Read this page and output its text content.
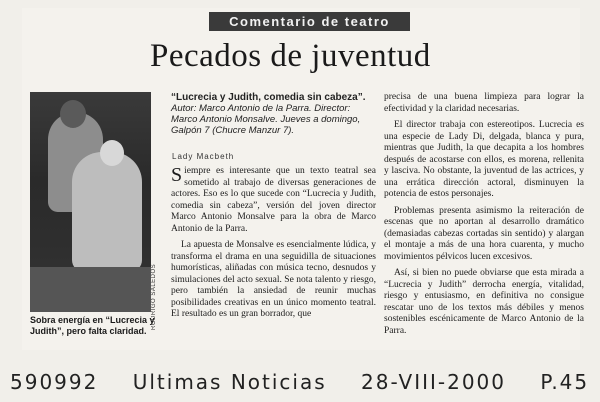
Comentario de teatro
Pecados de juventud
RODRIGO SALEDOS
Sobra energía en “Lucrecia y Judith”, pero falta claridad.
“Lucrecia y Judith, comedia sin cabeza”.
Autor: Marco Antonio de la Parra. Director: Marco Antonio Monsalve. Jueves a domingo, Galpón 7 (Chucre Manzur 7).
Lady Macbeth

Siempre es interesante que un texto teatral sea sometido al trabajo de diversas generaciones de actores. Eso es lo que sucede con “Lucrecia y Judith, comedia sin cabeza”, versión del joven director Marco Antonio Monsalve para la obra de Marco Antonio de la Parra.

La apuesta de Monsalve es esencialmente lúdica, y transforma el drama en una seguidilla de situaciones humorísticas, aliñadas con música tecno, desnudos y simulaciones del acto sexual. Se nota talento y riesgo, pero también la ansiedad de reunir muchas posibilidades creativas en un único momento teatral. El resultado es un gran borrador, que

precisa de una buena limpieza para lograr la efectividad y la claridad necesarias.

El director trabaja con estereotipos. Lucrecia es una especie de Lady Di, delgada, blanca y pura, mientras que Judith, la que decapita a los hombres después de acostarse con ellos, es morena, rellenita y lasciva. No obstante, la juventud de las actrices, y una errática dirección actoral, disminuyen la potencia de estos personajes.

Problemas presenta asimismo la reiteración de escenas que no aportan al desarrollo dramático (demasiadas cabezas cortadas sin sentido) y alargan el montaje a más de una hora cuarenta, y mucho movimientos pélvicos lucen excesivos.

Así, si bien no puede obviarse que esta mirada a “Lucrecia y Judith” derrocha energía, vitalidad, riesgo y entusiasmo, en definitiva no consigue rescatar uno de los textos más débiles y menos sostenibles escénicamente de Marco Antonio de la Parra.

590992 Ultimas Noticias 28-VIII-2000 P.45
